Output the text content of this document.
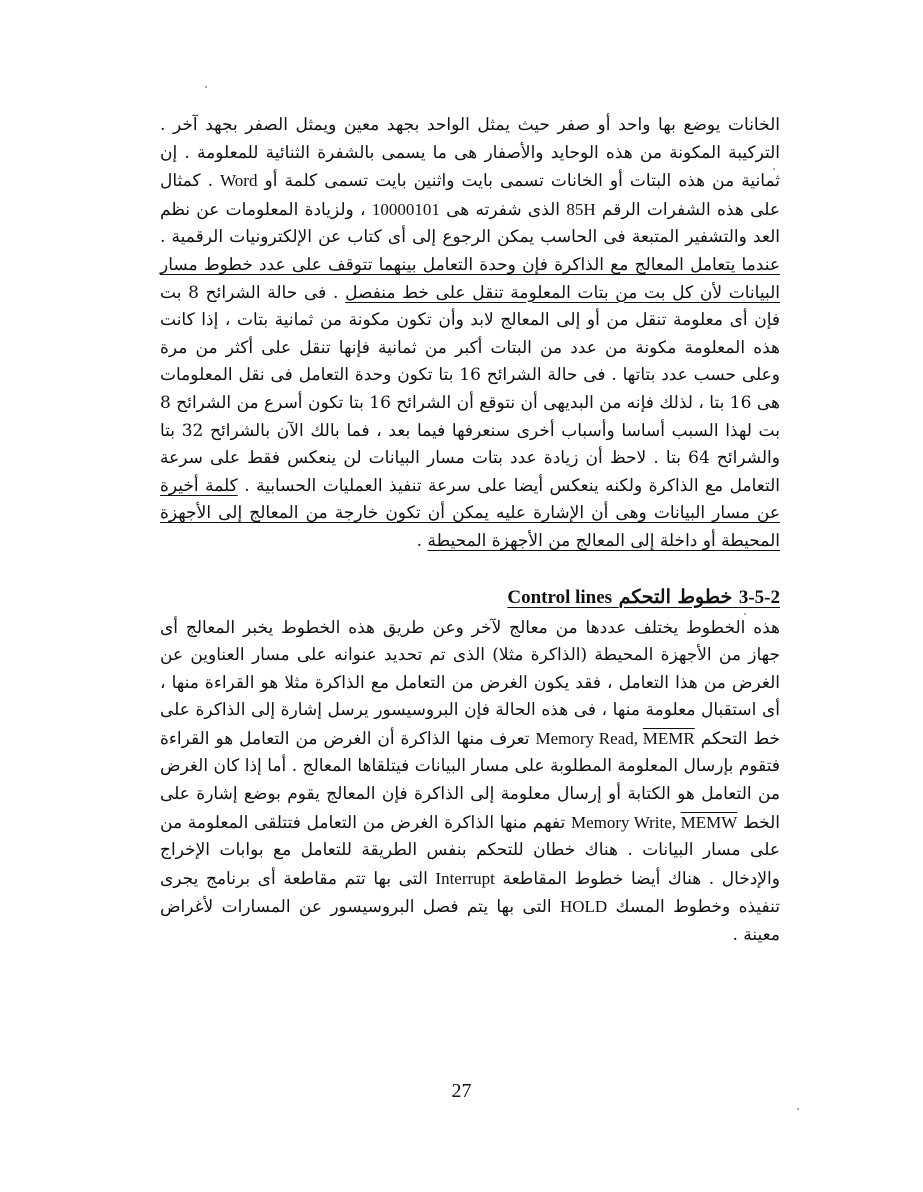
الخانات يوضع بها واحد أو صفر حيث يمثل الواحد بجهد معين ويمثل الصفر بجهد آخر . التركيبة المكونة من هذه الوحايد والأصفار هى ما يسمى بالشفرة الثنائية للمعلومة . إن ثمانية من هذه البتات أو الخانات تسمى بايت واثنين بايت تسمى كلمة أو Word . كمثال على هذه الشفرات الرقم 85H الذى شفرته هى 10000101 ، ولزيادة المعلومات عن نظم العد والتشفير المتبعة فى الحاسب يمكن الرجوع إلى أى كتاب عن الإلكترونيات الرقمية . عندما يتعامل المعالج مع الذاكرة فإن وحدة التعامل بينهما تتوقف على عدد خطوط مسار البيانات لأن كل بت من بتات المعلومة تنقل على خط منفصل . فى حالة الشرائح 8 بت فإن أى معلومة تنقل من أو إلى المعالج لابد وأن تكون مكونة من ثمانية بتات ، إذا كانت هذه المعلومة مكونة من عدد من البتات أكبر من ثمانية فإنها تنقل على أكثر من مرة وعلى حسب عدد بتاتها . فى حالة الشرائح 16 بتا تكون وحدة التعامل فى نقل المعلومات هى 16 بتا ، لذلك فإنه من البديهى أن نتوقع أن الشرائح 16 بتا تكون أسرع من الشرائح 8 بت لهذا السبب أساسا وأسباب أخرى سنعرفها فيما بعد ، فما بالك الآن بالشرائح 32 بتا والشرائح 64 بتا . لاحظ أن زيادة عدد بتات مسار البيانات لن ينعكس فقط على سرعة التعامل مع الذاكرة ولكنه ينعكس أيضا على سرعة تنفيذ العمليات الحسابية . كلمة أخيرة عن مسار البيانات وهى أن الإشارة عليه يمكن أن تكون خارجة من المعالج إلى الأجهزة المحيطة أو داخلة إلى المعالج من الأجهزة المحيطة .

3-5-2 خطوط التحكم Control lines

هذه الخطوط يختلف عددها من معالج لآخر وعن طريق هذه الخطوط يخبر المعالج أى جهاز من الأجهزة المحيطة (الذاكرة مثلا) الذى تم تحديد عنوانه على مسار العناوين عن الغرض من هذا التعامل ، فقد يكون الغرض من التعامل مع الذاكرة مثلا هو القراءة منها ، أى استقبال معلومة منها ، فى هذه الحالة فإن البروسيسور يرسل إشارة إلى الذاكرة على خط التحكم Memory Read, MEMR تعرف منها الذاكرة أن الغرض من التعامل هو القراءة فتقوم بإرسال المعلومة المطلوبة على مسار البيانات فيتلقاها المعالج . أما إذا كان الغرض من التعامل هو الكتابة أو إرسال معلومة إلى الذاكرة فإن المعالج يقوم بوضع إشارة على الخط Memory Write, MEMW تفهم منها الذاكرة الغرض من التعامل فتتلقى المعلومة من على مسار البيانات . هناك خطان للتحكم بنفس الطريقة للتعامل مع بوابات الإخراج والإدخال . هناك أيضا خطوط المقاطعة Interrupt التى بها تتم مقاطعة أى برنامج يجرى تنفيذه وخطوط المسك HOLD التى بها يتم فصل البروسيسور عن المسارات لأغراض معينة .

27
